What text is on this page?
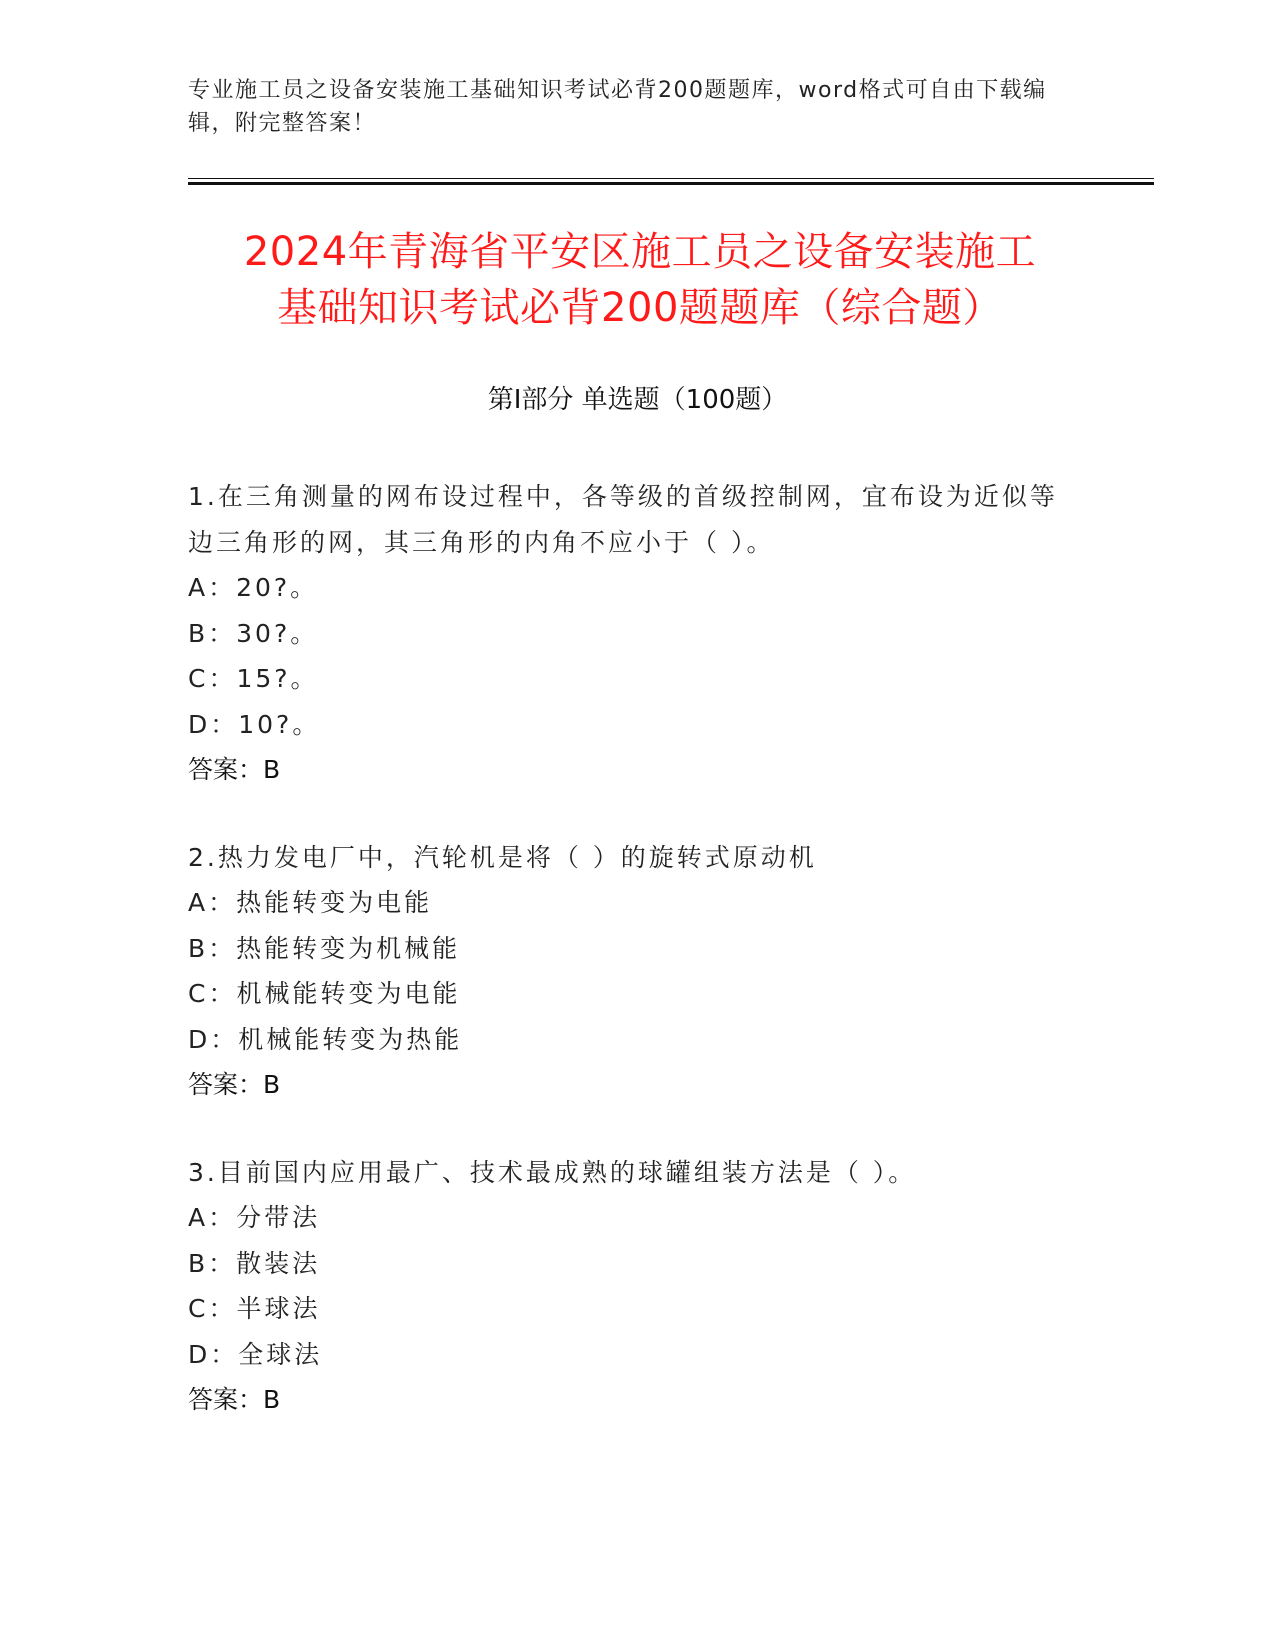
专业施工员之设备安装施工基础知识考试必背200题题库，word格式可自由下载编辑，附完整答案！
2024年青海省平安区施工员之设备安装施工
基础知识考试必背200题题库（综合题）
第Ⅰ部分 单选题（100题）
1.在三角测量的网布设过程中，各等级的首级控制网，宜布设为近似等边三角形的网，其三角形的内角不应小于（ ）。
A：20?。
B：30?。
C：15?。
D：10?。
答案：B
2.热力发电厂中，汽轮机是将（ ）的旋转式原动机
A：热能转变为电能
B：热能转变为机械能
C：机械能转变为电能
D：机械能转变为热能
答案：B
3.目前国内应用最广、技术最成熟的球罐组装方法是（ ）。
A：分带法
B：散装法
C：半球法
D：全球法
答案：B
